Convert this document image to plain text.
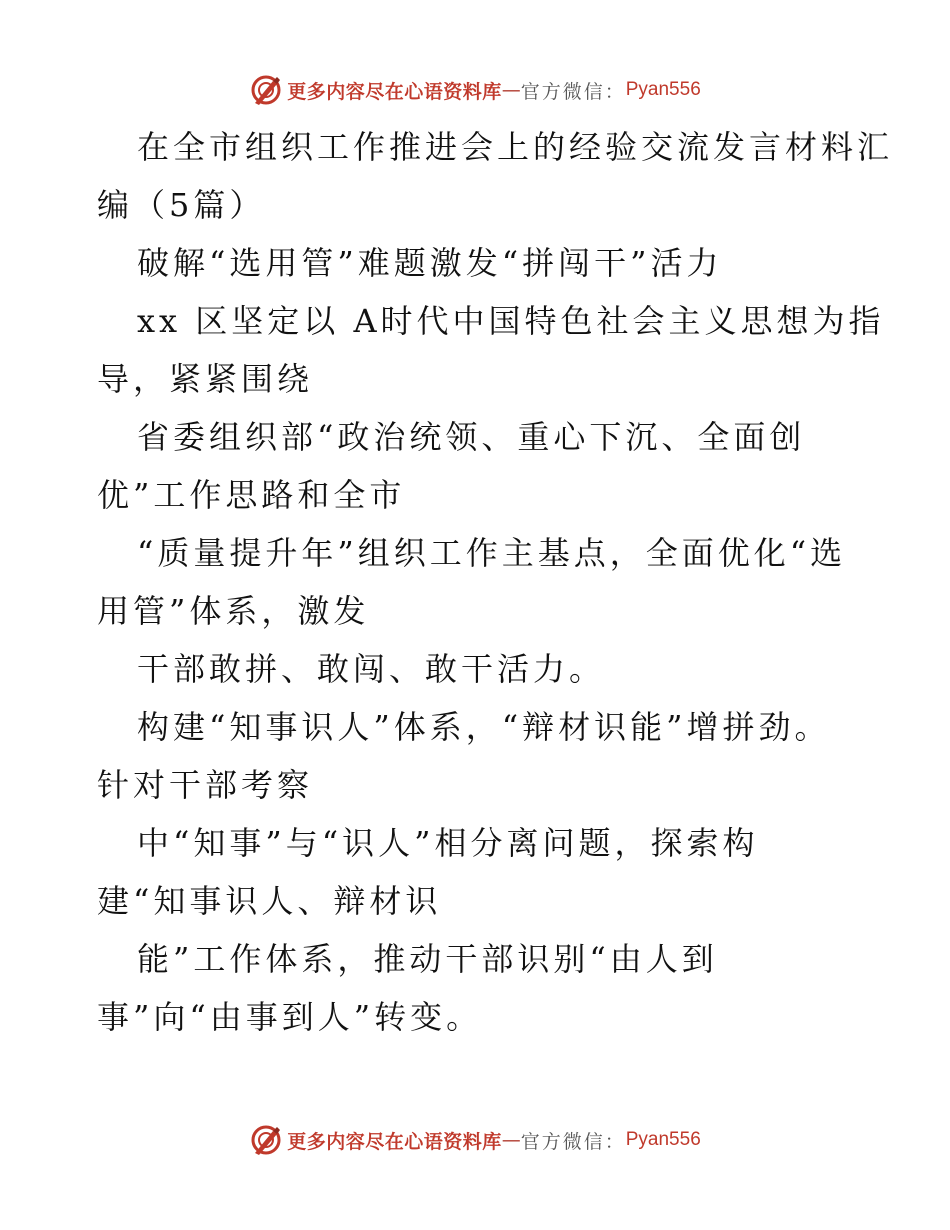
更多内容尽在心语资料库 — 官方微信： Pyan556
在全市组织工作推进会上的经验交流发言材料汇
编（5篇）
破解“选用管”难题激发“拼闯干”活力
xx 区坚定以 A时代中国特色社会主义思想为指
导，紧紧围绕
省委组织部“政治统领、重心下沉、全面创
优”工作思路和全市
“质量提升年”组织工作主基点，全面优化“选
用管”体系，激发
干部敢拼、敢闯、敢干活力。
构建“知事识人”体系，“辩材识能”增拼劲。
针对干部考察
中“知事”与“识人”相分离问题，探索构
建“知事识人、辩材识
能”工作体系，推动干部识别“由人到
事”向“由事到人”转变。
更多内容尽在心语资料库 — 官方微信： Pyan556
